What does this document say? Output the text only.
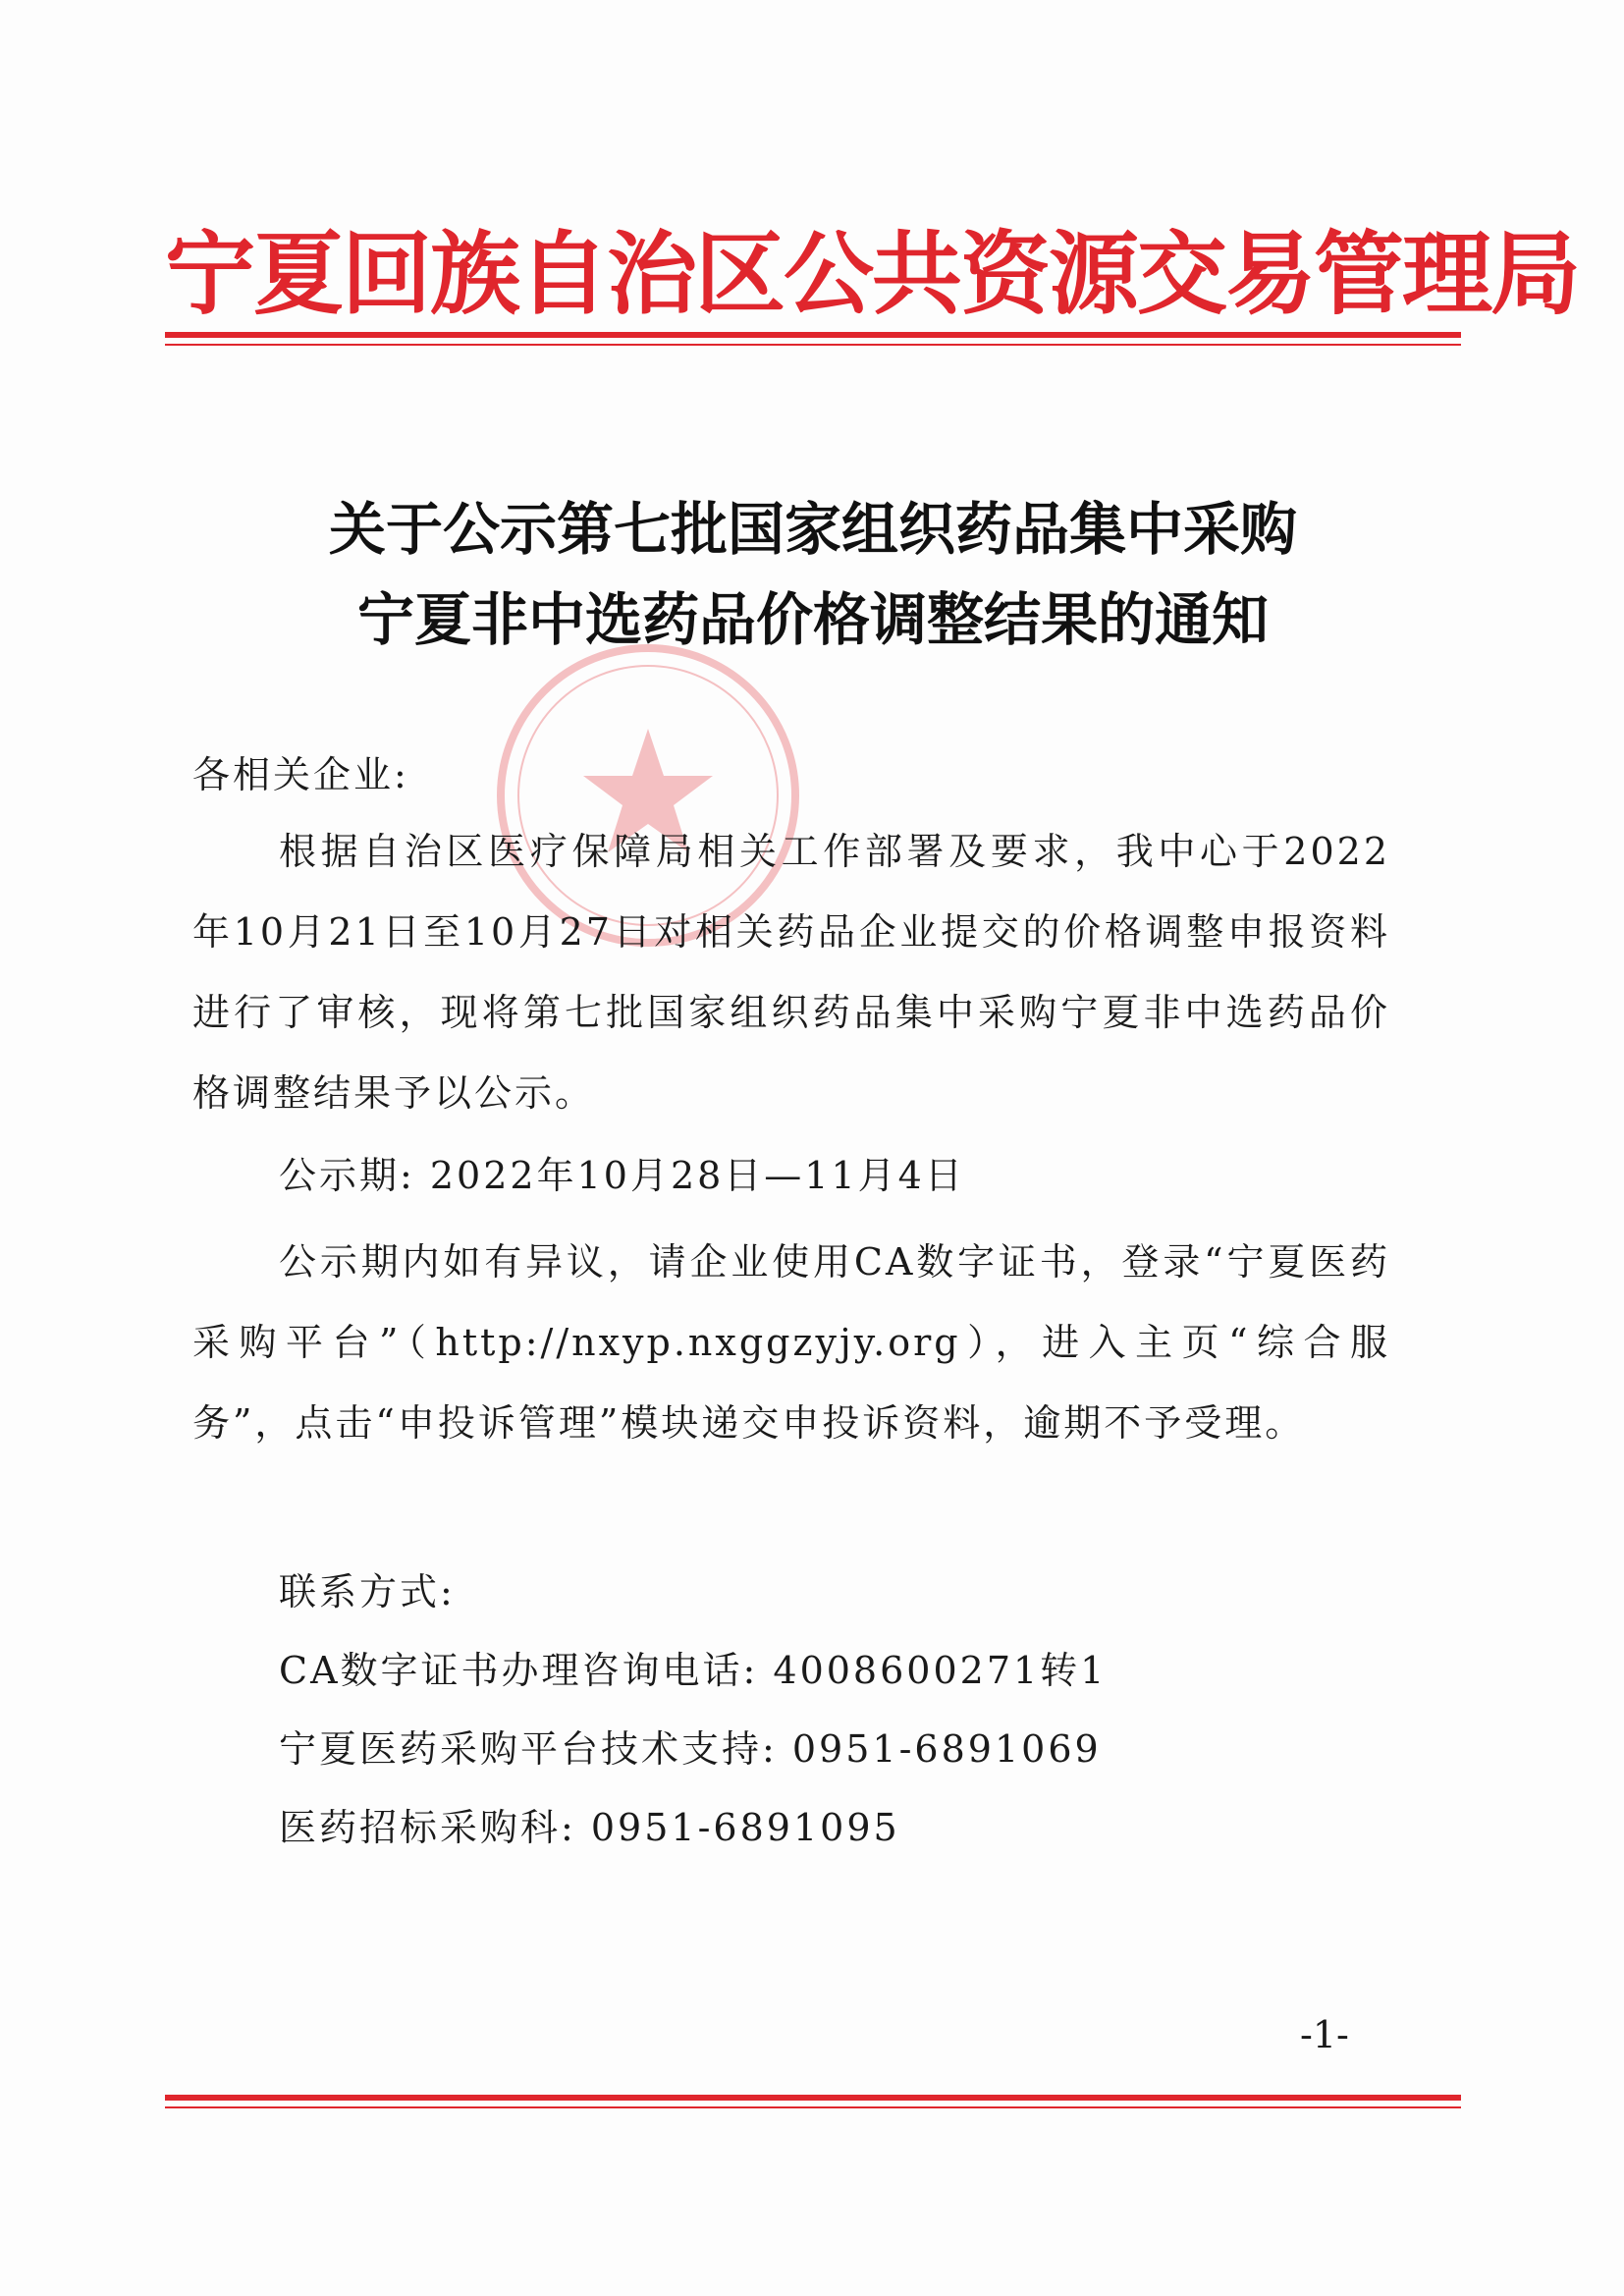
宁夏回族自治区公共资源交易管理局
关于公示第七批国家组织药品集中采购
宁夏非中选药品价格调整结果的通知
各相关企业:
根据自治区医疗保障局相关工作部署及要求，我中心于2022年10月21日至10月27日对相关药品企业提交的价格调整申报资料进行了审核，现将第七批国家组织药品集中采购宁夏非中选药品价格调整结果予以公示。
公示期: 2022年10月28日—11月4日
公示期内如有异议，请企业使用CA数字证书，登录“宁夏医药采购平台”（http://nxyp.nxggzyjy.org），进入主页“综合服务”，点击“申投诉管理”模块递交申投诉资料，逾期不予受理。
联系方式:
CA数字证书办理咨询电话: 4008600271转1
宁夏医药采购平台技术支持: 0951-6891069
医药招标采购科: 0951-6891095
-1-
